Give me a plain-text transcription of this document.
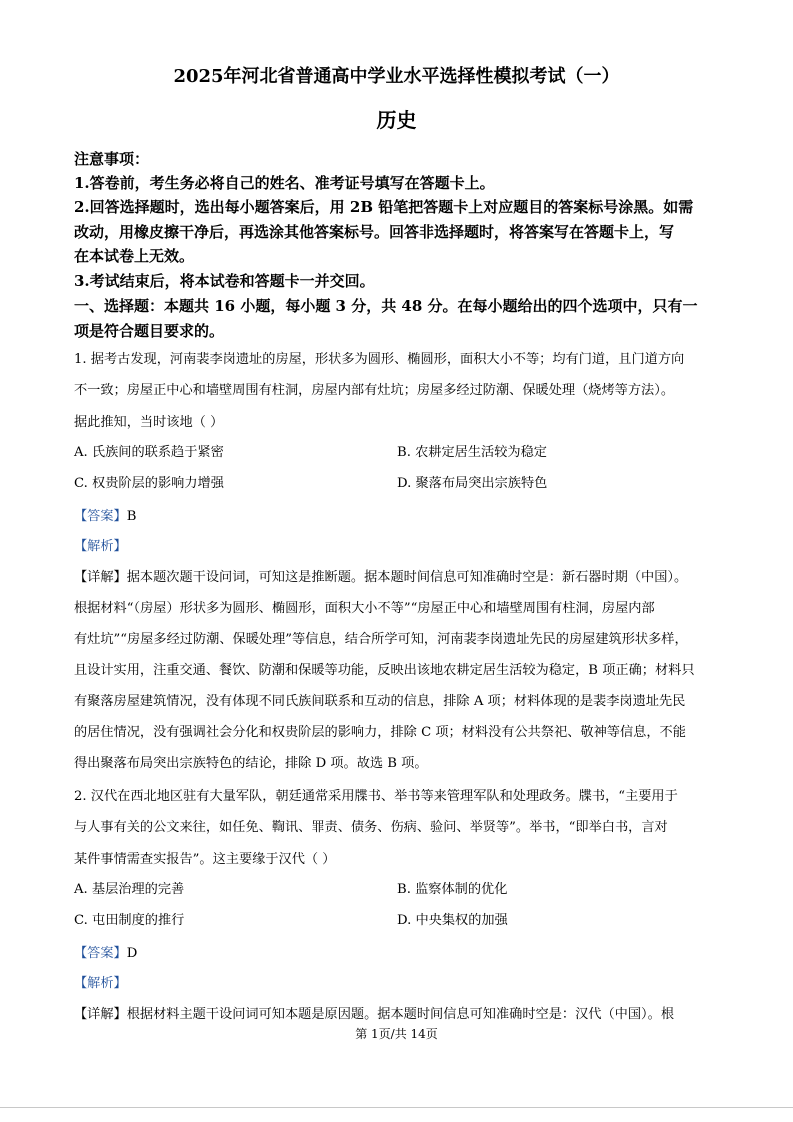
2025年河北省普通高中学业水平选择性模拟考试（一）
历史
注意事项：
1.答卷前，考生务必将自己的姓名、准考证号填写在答题卡上。
2.回答选择题时，选出每小题答案后，用 2B 铅笔把答题卡上对应题目的答案标号涂黑。如需
改动，用橡皮擦干净后，再选涂其他答案标号。回答非选择题时，将答案写在答题卡上，写
在本试卷上无效。
3.考试结束后，将本试卷和答题卡一并交回。
一、选择题：本题共 16 小题，每小题 3 分，共 48 分。在每小题给出的四个选项中，只有一
项是符合题目要求的。
1. 据考古发现，河南裴李岗遗址的房屋，形状多为圆形、椭圆形，面积大小不等；均有门道，且门道方向
不一致；房屋正中心和墙壁周围有柱洞，房屋内部有灶坑；房屋多经过防潮、保暖处理（烧烤等方法）。
据此推知，当时该地（ ）
A. 氏族间的联系趋于紧密	B. 农耕定居生活较为稳定
C. 权贵阶层的影响力增强	D. 聚落布局突出宗族特色
【答案】B
【解析】
【详解】据本题次题干设问词，可知这是推断题。据本题时间信息可知准确时空是：新石器时期（中国）。
根据材料“（房屋）形状多为圆形、椭圆形，面积大小不等”“房屋正中心和墙壁周围有柱洞，房屋内部
有灶坑”“房屋多经过防潮、保暖处理”等信息，结合所学可知，河南裴李岗遗址先民的房屋建筑形状多样，
且设计实用，注重交通、餐饮、防潮和保暖等功能，反映出该地农耕定居生活较为稳定，B 项正确；材料只
有聚落房屋建筑情况，没有体现不同氏族间联系和互动的信息，排除 A 项；材料体现的是裴李岗遗址先民
的居住情况，没有强调社会分化和权贵阶层的影响力，排除 C 项；材料没有公共祭祀、敬神等信息，不能
得出聚落布局突出宗族特色的结论，排除 D 项。故选 B 项。
2. 汉代在西北地区驻有大量军队，朝廷通常采用牒书、举书等来管理军队和处理政务。牒书，“主要用于
与人事有关的公文来往，如任免、鞫讯、罪责、债务、伤病、验问、举贤等”。举书，“即举白书，言对
某件事情需查实报告”。这主要缘于汉代（ ）
A. 基层治理的完善	B. 监察体制的优化
C. 屯田制度的推行	D. 中央集权的加强
【答案】D
【解析】
【详解】根据材料主题干设问词可知本题是原因题。据本题时间信息可知准确时空是：汉代（中国）。根
第 1页/共 14页
